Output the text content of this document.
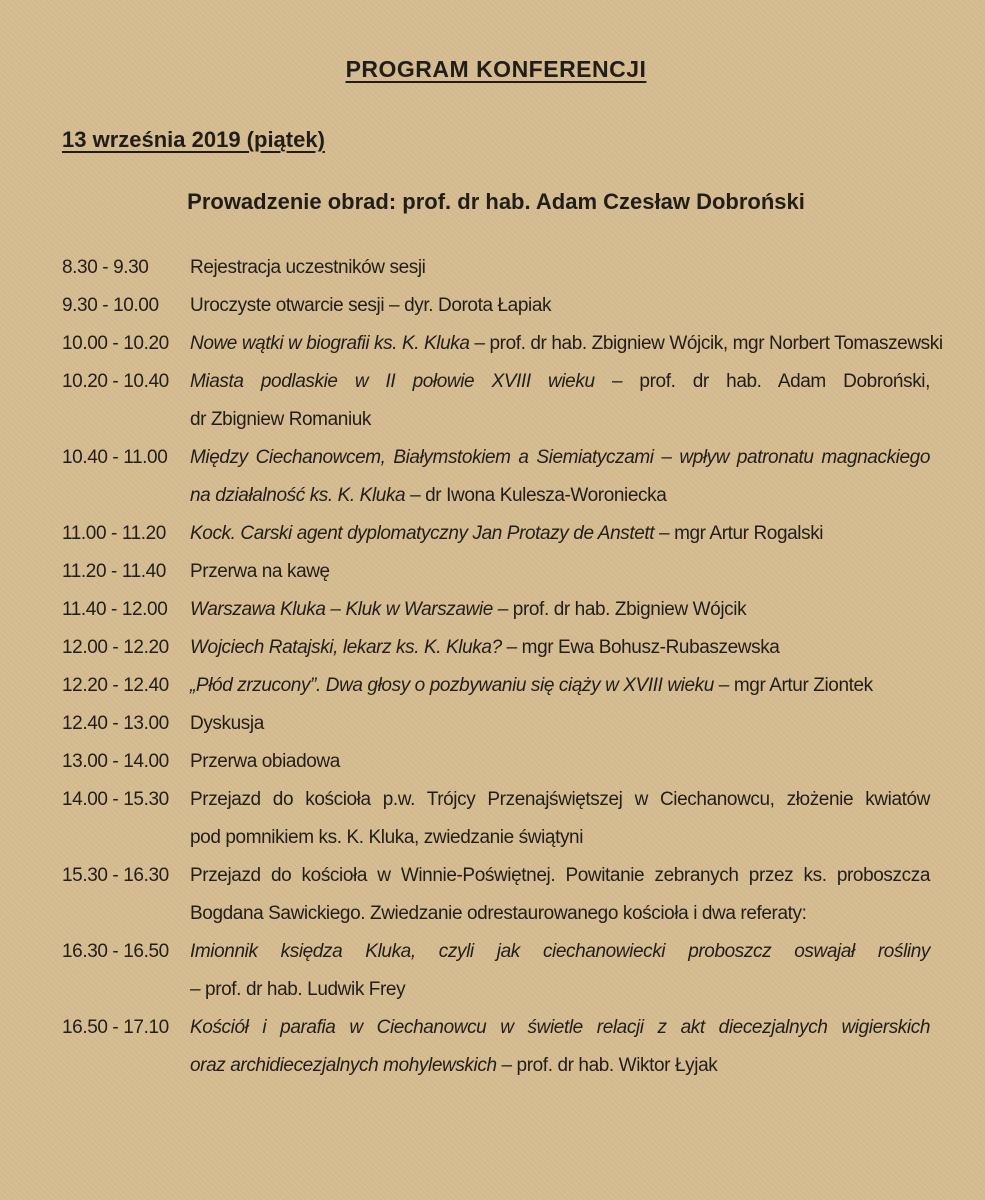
PROGRAM KONFERENCJI
13 września 2019 (piątek)
Prowadzenie obrad: prof. dr hab. Adam Czesław Dobroński
8.30 - 9.30	Rejestracja uczestników sesji
9.30 - 10.00	Uroczyste otwarcie sesji – dyr. Dorota Łapiak
10.00 - 10.20	Nowe wątki w biografii ks. K. Kluka – prof. dr hab. Zbigniew Wójcik, mgr Norbert Tomaszewski
10.20 - 10.40	Miasta podlaskie w II połowie XVIII wieku – prof. dr hab. Adam Dobroński,
dr Zbigniew Romaniuk
10.40 - 11.00	Między Ciechanowcem, Białymstokiem a Siemiatyczami – wpływ patronatu magnackiego
na działalność ks. K. Kluka – dr Iwona Kulesza-Woroniecka
11.00 - 11.20	Kock. Carski agent dyplomatyczny Jan Protazy de Anstett – mgr Artur Rogalski
11.20 - 11.40	Przerwa na kawę
11.40 - 12.00	Warszawa Kluka – Kluk w Warszawie – prof. dr hab. Zbigniew Wójcik
12.00 - 12.20	Wojciech Ratajski, lekarz ks. K. Kluka? – mgr Ewa Bohusz-Rubaszewska
12.20 - 12.40	„Płód zrzucony”. Dwa głosy o pozbywaniu się ciąży w XVIII wieku – mgr Artur Ziontek
12.40 - 13.00	Dyskusja
13.00 - 14.00	Przerwa obiadowa
14.00 - 15.30	Przejazd do kościoła p.w. Trójcy Przenajświętszej w Ciechanowcu, złożenie kwiatów
pod pomnikiem ks. K. Kluka, zwiedzanie świątyni
15.30 - 16.30	Przejazd do kościoła w Winnie-Poświętnej. Powitanie zebranych przez ks. proboszcza
Bogdana Sawickiego. Zwiedzanie odrestaurowanego kościoła i dwa referaty:
16.30 - 16.50	Imionnik księdza Kluka, czyli jak ciechanowiecki proboszcz oswajał rośliny
– prof. dr hab. Ludwik Frey
16.50 - 17.10	Kościół i parafia w Ciechanowcu w świetle relacji z akt diecezjalnych wigierskich
oraz archidiecezjalnych mohylewskich – prof. dr hab. Wiktor Łyjak
